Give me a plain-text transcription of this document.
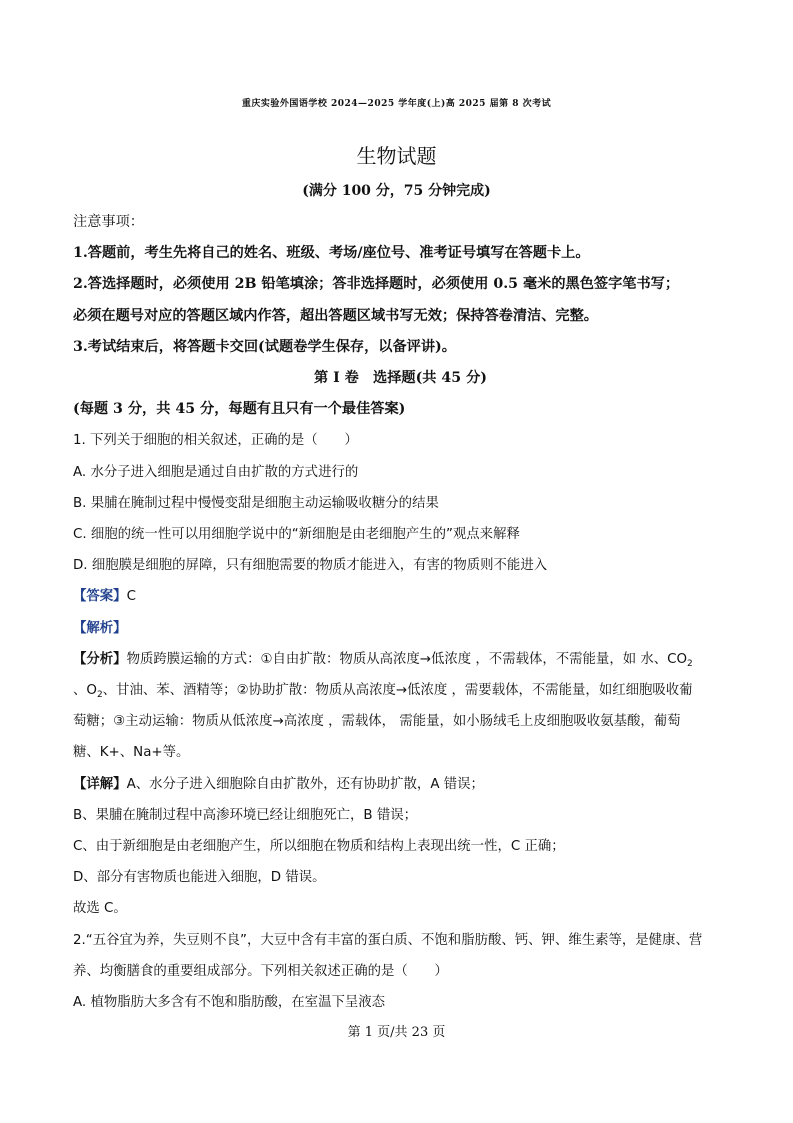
重庆实验外国语学校 2024—2025 学年度(上)高 2025 届第 8 次考试
生物试题
(满分 100 分，75 分钟完成)

注意事项：

1.答题前，考生先将自己的姓名、班级、考场/座位号、准考证号填写在答题卡上。

2.答选择题时，必须使用 2B 铅笔填涂；答非选择题时，必须使用 0.5 毫米的黑色签字笔书写；

必须在题号对应的答题区域内作答，超出答题区域书写无效；保持答卷清洁、完整。

3.考试结束后，将答题卡交回(试题卷学生保存，以备评讲)。

第 I 卷　选择题(共 45 分)

(每题 3 分，共 45 分，每题有且只有一个最佳答案)

1. 下列关于细胞的相关叙述，正确的是（　　）

A. 水分子进入细胞是通过自由扩散的方式进行的

B. 果脯在腌制过程中慢慢变甜是细胞主动运输吸收糖分的结果

C. 细胞的统一性可以用细胞学说中的“新细胞是由老细胞产生的”观点来解释

D. 细胞膜是细胞的屏障，只有细胞需要的物质才能进入，有害的物质则不能进入

【答案】C

【解析】

【分析】物质跨膜运输的方式：①自由扩散：物质从高浓度→低浓度 ，不需载体，不需能量，如 水、$CO_2$

、$O_2$、甘油、苯、酒精等；②协助扩散：物质从高浓度→低浓度 ，需要载体，不需能量，如红细胞吸收葡

萄糖；③主动运输：物质从低浓度→高浓度 ，需载体， 需能量，如小肠绒毛上皮细胞吸收氨基酸，葡萄

糖、K+、Na+等。

【详解】A、水分子进入细胞除自由扩散外，还有协助扩散，A 错误；

B、果脯在腌制过程中高渗环境已经让细胞死亡，B 错误；

C、由于新细胞是由老细胞产生，所以细胞在物质和结构上表现出统一性，C 正确；

D、部分有害物质也能进入细胞，D 错误。

故选 C。

2.“五谷宜为养，失豆则不良”，大豆中含有丰富的蛋白质、不饱和脂肪酸、钙、钾、维生素等，是健康、营

养、均衡膳食的重要组成部分。下列相关叙述正确的是（　　）

A. 植物脂肪大多含有不饱和脂肪酸，在室温下呈液态

第 1 页/共 23 页
